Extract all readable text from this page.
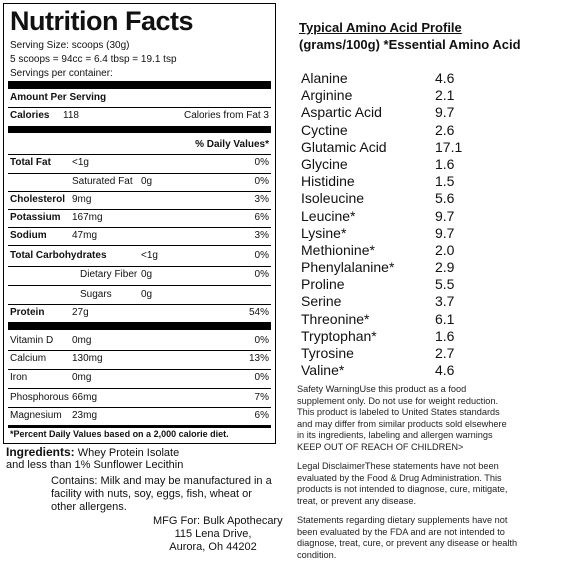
Nutrition Facts
Serving Size: scoops (30g)
5 scoops = 94cc = 6.4 tbsp = 19.1 tsp
Servings per container:
Amount Per Serving
Calories 118	Calories from Fat 3
% Daily Values*
Total Fat <1g	0%
Saturated Fat 0g	0%
Cholesterol 9mg	3%
Potassium 167mg	6%
Sodium	47mg	3%
Total Carbohydrates	<1g	0%
Dietary Fiber 0g	0%
Sugars	0g
Protein	27g	54%
Vitamin D 0mg	0%
Calcium	130mg	13%
Iron	0mg	0%
Phosphorous 66mg	7%
Magnesium 23mg	6%
*Percent Daily Values based on a 2,000 calorie diet.
Ingredients: Whey Protein Isolate
and less than 1% Sunflower Lecithin
Contains: Milk and may be manufactured in a
facility with nuts, soy, eggs, fish, wheat or
other allergens.
MFG For: Bulk Apothecary
115 Lena Drive,
Aurora, Oh 44202
Typical Amino Acid Profile
(grams/100g) *Essential Amino Acid
Alanine	4.6
Arginine	2.1
Aspartic Acid	9.7
Cyctine	2.6
Glutamic Acid	17.1
Glycine	1.6
Histidine	1.5
Isoleucine	5.6
Leucine*	9.7
Lysine*	9.7
Methionine*	2.0
Phenylalanine*	2.9
Proline	5.5
Serine	3.7
Threonine*	6.1
Tryptophan*	1.6
Tyrosine	2.7
Valine*	4.6
Safety WarningUse this product as a food
supplement only. Do not use for weight reduction.
This product is labeled to United States standards
and may differ from similar products sold elsewhere
in its ingredients, labeling and allergen warnings
KEEP OUT OF REACH OF CHILDREN>
Legal DisclaimerThese statements have not been
evaluated by the Food & Drug Administration. This
products is not intended to diagnose, cure, mitigate,
treat, or prevent any disease.
Statements regarding dietary supplements have not
been evaluated by the FDA and are not intended to
diagnose, treat, cure, or prevent any disease or health
condition.
